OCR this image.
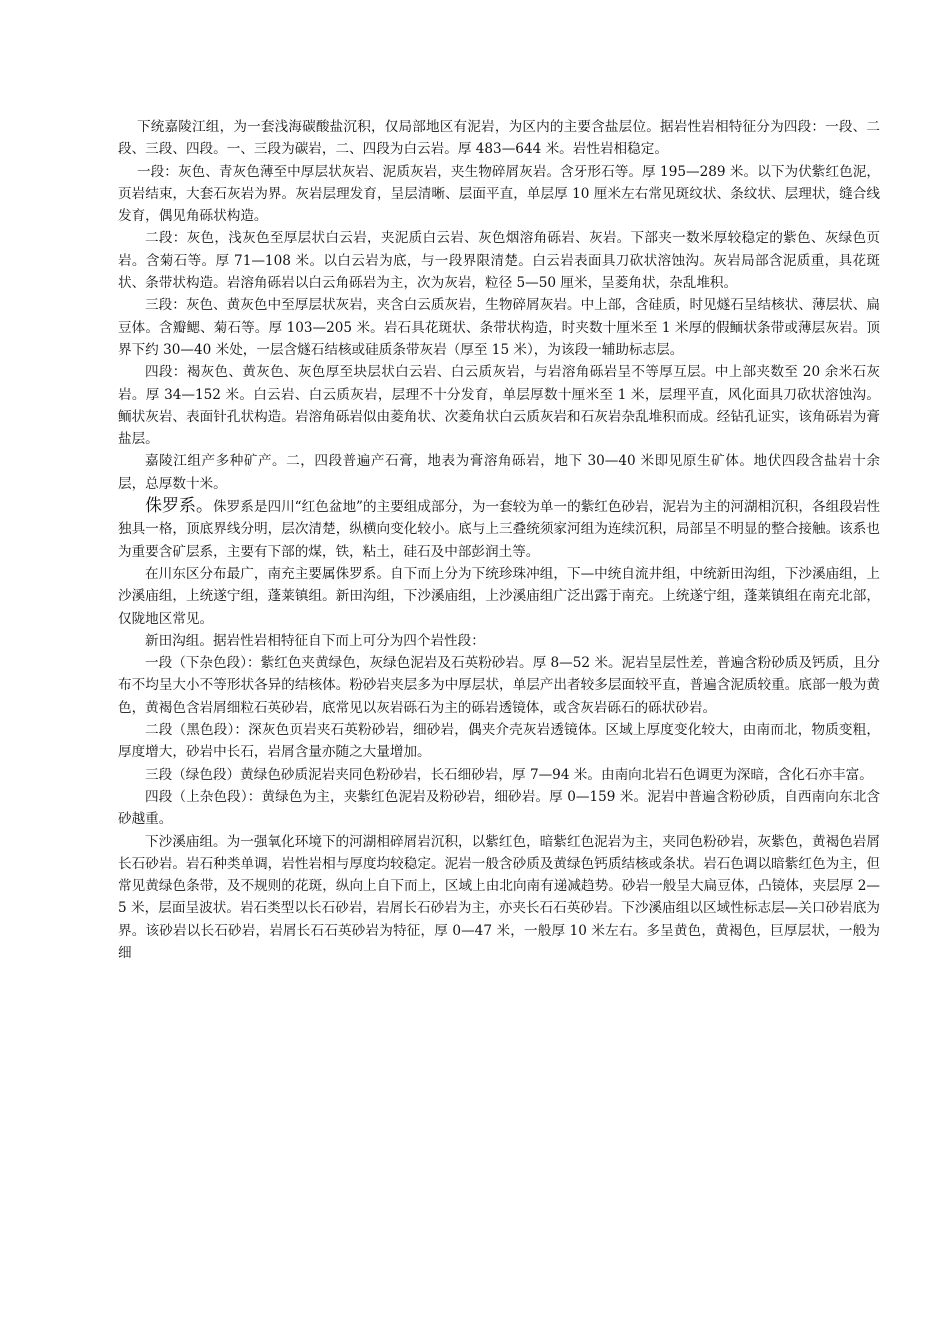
下统嘉陵江组，为一套浅海碳酸盐沉积，仅局部地区有泥岩，为区内的主要含盐层位。据岩性岩相特征分为四段：一段、二段、三段、四段。一、三段为碳岩，二、四段为白云岩。厚 483—644 米。岩性岩相稳定。

一段：灰色、青灰色薄至中厚层状灰岩、泥质灰岩，夹生物碎屑灰岩。含牙形石等。厚 195—289 米。以下为伏紫红色泥，页岩结束，大套石灰岩为界。灰岩层理发育，呈层清晰、层面平直，单层厚 10 厘米左右常见斑纹状、条纹状、层理状，缝合线发育，偶见角砾状构造。

二段：灰色，浅灰色至厚层状白云岩，夹泥质白云岩、灰色烟溶角砾岩、灰岩。下部夹一数米厚较稳定的紫色、灰绿色页岩。含菊石等。厚 71—108 米。以白云岩为底，与一段界限清楚。白云岩表面具刀砍状溶蚀沟。灰岩局部含泥质重，具花斑状、条带状构造。岩溶角砾岩以白云角砾岩为主，次为灰岩，粒径 5—50 厘米，呈菱角状，杂乱堆积。

三段：灰色、黄灰色中至厚层状灰岩，夹含白云质灰岩，生物碎屑灰岩。中上部，含硅质，时见燧石呈结核状、薄层状、扁豆体。含瓣鳃、菊石等。厚 103—205 米。岩石具花斑状、条带状构造，时夹数十厘米至 1 米厚的假鲕状条带或薄层灰岩。顶界下约 30—40 米处，一层含燧石结核或硅质条带灰岩（厚至 15 米），为该段一辅助标志层。

四段：褐灰色、黄灰色、灰色厚至块层状白云岩、白云质灰岩，与岩溶角砾岩呈不等厚互层。中上部夹数至 20 余米石灰岩。厚 34—152 米。白云岩、白云质灰岩，层理不十分发育，单层厚数十厘米至 1 米，层理平直，风化面具刀砍状溶蚀沟。鲕状灰岩、表面针孔状构造。岩溶角砾岩似由菱角状、次菱角状白云质灰岩和石灰岩杂乱堆积而成。经钻孔证实，该角砾岩为膏盐层。

嘉陵江组产多种矿产。二，四段普遍产石膏，地表为膏溶角砾岩，地下 30—40 米即见原生矿体。地伏四段含盐岩十余层，总厚数十米。

侏罗系。侏罗系是四川“红色盆地”的主要组成部分，为一套较为单一的紫红色砂岩，泥岩为主的河湖相沉积，各组段岩性独具一格，顶底界线分明，层次清楚，纵横向变化较小。底与上三叠统须家河组为连续沉积，局部呈不明显的整合接触。该系也为重要含矿层系，主要有下部的煤，铁，粘土，硅石及中部彭润土等。

在川东区分布最广，南充主要属侏罗系。自下而上分为下统珍珠冲组，下—中统自流井组，中统新田沟组，下沙溪庙组，上沙溪庙组，上统遂宁组，蓬莱镇组。新田沟组，下沙溪庙组，上沙溪庙组广泛出露于南充。上统遂宁组，蓬莱镇组在南充北部，仅陇地区常见。

新田沟组。据岩性岩相特征自下而上可分为四个岩性段：

一段（下杂色段）：紫红色夹黄绿色，灰绿色泥岩及石英粉砂岩。厚 8—52 米。泥岩呈层性差，普遍含粉砂质及钙质，且分布不均呈大小不等形状各异的结核体。粉砂岩夹层多为中厚层状，单层产出者较多层面较平直，普遍含泥质较重。底部一般为黄色，黄褐色含岩屑细粒石英砂岩，底常见以灰岩砾石为主的砾岩透镜体，或含灰岩砾石的砾状砂岩。

二段（黑色段）：深灰色页岩夹石英粉砂岩，细砂岩，偶夹介壳灰岩透镜体。区域上厚度变化较大，由南而北，物质变粗，厚度增大，砂岩中长石，岩屑含量亦随之大量增加。

三段（绿色段）黄绿色砂质泥岩夹同色粉砂岩，长石细砂岩，厚 7—94 米。由南向北岩石色调更为深暗，含化石亦丰富。

四段（上杂色段）：黄绿色为主，夹紫红色泥岩及粉砂岩，细砂岩。厚 0—159 米。泥岩中普遍含粉砂质，自西南向东北含砂越重。

下沙溪庙组。为一强氧化环境下的河湖相碎屑岩沉积，以紫红色，暗紫红色泥岩为主，夹同色粉砂岩，灰紫色，黄褐色岩屑长石砂岩。岩石种类单调，岩性岩相与厚度均较稳定。泥岩一般含砂质及黄绿色钙质结核或条状。岩石色调以暗紫红色为主，但常见黄绿色条带，及不规则的花斑，纵向上自下而上，区域上由北向南有递减趋势。砂岩一般呈大扁豆体，凸镜体，夹层厚 2—5 米，层面呈波状。岩石类型以长石砂岩，岩屑长石砂岩为主，亦夹长石石英砂岩。下沙溪庙组以区域性标志层—关口砂岩底为界。该砂岩以长石砂岩，岩屑长石石英砂岩为特征，厚 0—47 米，一般厚 10 米左右。多呈黄色，黄褐色，巨厚层状，一般为细
